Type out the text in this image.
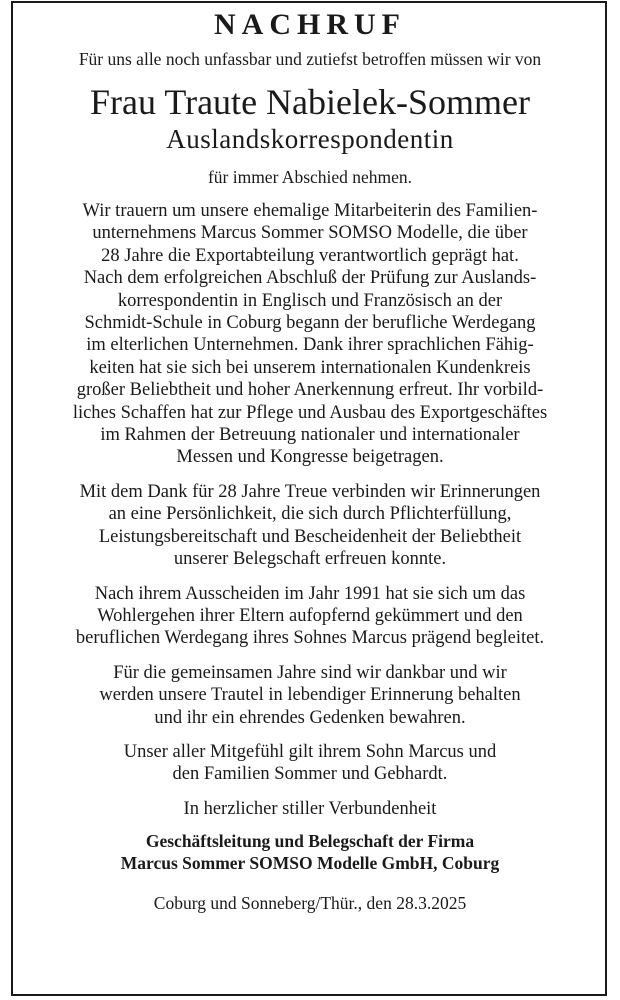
NACHRUF

Für uns alle noch unfassbar und zutiefst betroffen müssen wir von

Frau Traute Nabielek-Sommer

Auslandskorrespondentin

für immer Abschied nehmen.

Wir trauern um unsere ehemalige Mitarbeiterin des Familien-
unternehmens Marcus Sommer SOMSO Modelle, die über
28 Jahre die Exportabteilung verantwortlich geprägt hat.
Nach dem erfolgreichen Abschluß der Prüfung zur Auslands-
korrespondentin in Englisch und Französisch an der
Schmidt-Schule in Coburg begann der berufliche Werdegang
im elterlichen Unternehmen. Dank ihrer sprachlichen Fähig-
keiten hat sie sich bei unserem internationalen Kundenkreis
großer Beliebtheit und hoher Anerkennung erfreut. Ihr vorbild-
liches Schaffen hat zur Pflege und Ausbau des Exportgeschäftes
im Rahmen der Betreuung nationaler und internationaler
Messen und Kongresse beigetragen.

Mit dem Dank für 28 Jahre Treue verbinden wir Erinnerungen
an eine Persönlichkeit, die sich durch Pflichterfüllung,
Leistungsbereitschaft und Bescheidenheit der Beliebtheit
unserer Belegschaft erfreuen konnte.

Nach ihrem Ausscheiden im Jahr 1991 hat sie sich um das
Wohlergehen ihrer Eltern aufopfernd gekümmert und den
beruflichen Werdegang ihres Sohnes Marcus prägend begleitet.

Für die gemeinsamen Jahre sind wir dankbar und wir
werden unsere Trautel in lebendiger Erinnerung behalten
und ihr ein ehrendes Gedenken bewahren.

Unser aller Mitgefühl gilt ihrem Sohn Marcus und
den Familien Sommer und Gebhardt.

In herzlicher stiller Verbundenheit

Geschäftsleitung und Belegschaft der Firma
Marcus Sommer SOMSO Modelle GmbH, Coburg

Coburg und Sonneberg/Thür., den 28.3.2025
